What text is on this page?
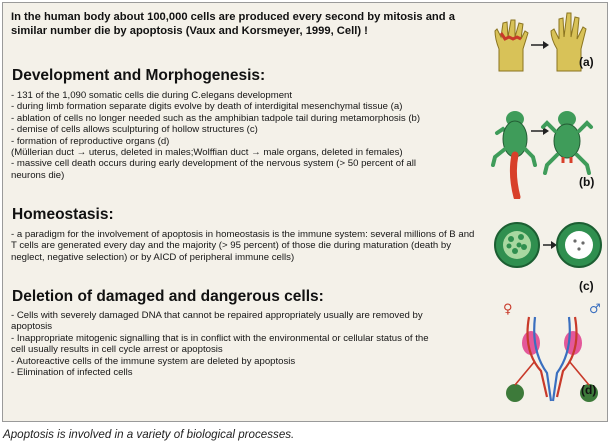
In the human body about 100,000 cells are produced every second by mitosis and a similar number die by apoptosis (Vaux and Korsmeyer, 1999, Cell) !
Development and Morphogenesis:
- 131 of the 1,090 somatic cells die during C.elegans development
- during limb formation separate digits evolve by death of interdigital mesenchymal tissue (a)
- ablation of cells no longer needed such as the amphibian tadpole tail during metamorphosis (b)
- demise of cells allows sculpturing of hollow structures (c)
- formation of reproductive organs (d)
(Müllerian duct → uterus, deleted in males;Wolffian duct → male organs, deleted in females)
- massive cell death occurs during early development of the nervous system (> 50 percent of all neurons die)
Homeostasis:
- a paradigm for the involvement of apoptosis in homeostasis is the immune system: several millions of B and T cells are generated every day and the majority (> 95 percent) of those die during maturation (death by neglect, negative selection) or by AICD of peripheral immune cells)
Deletion of damaged and dangerous cells:
- Cells with severely damaged DNA that cannot be repaired appropriately usually are removed by apoptosis
- Inappropriate mitogenic signalling that is in conflict with the environmental or cellular status of the cell usually results in cell cycle arrest or apoptosis
- Autoreactive cells of the immune system are deleted by apoptosis
- Elimination of infected cells
(a)
(b)
(c)
♀	♂
(d)
Apoptosis is involved in a variety of biological processes.
